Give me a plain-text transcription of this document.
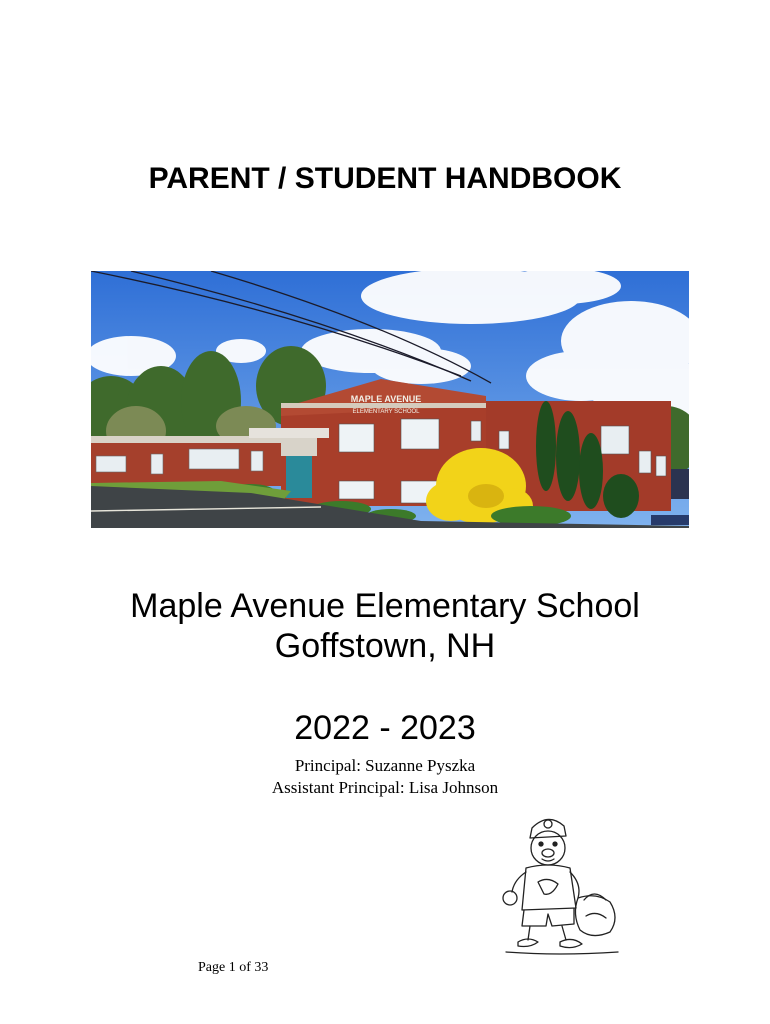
PARENT / STUDENT HANDBOOK
MAPLE AVENUE
ELEMENTARY SCHOOL
Maple Avenue Elementary School
Goffstown, NH
2022 - 2023
Principal: Suzanne Pyszka
Assistant Principal: Lisa Johnson
Page 1 of 33
